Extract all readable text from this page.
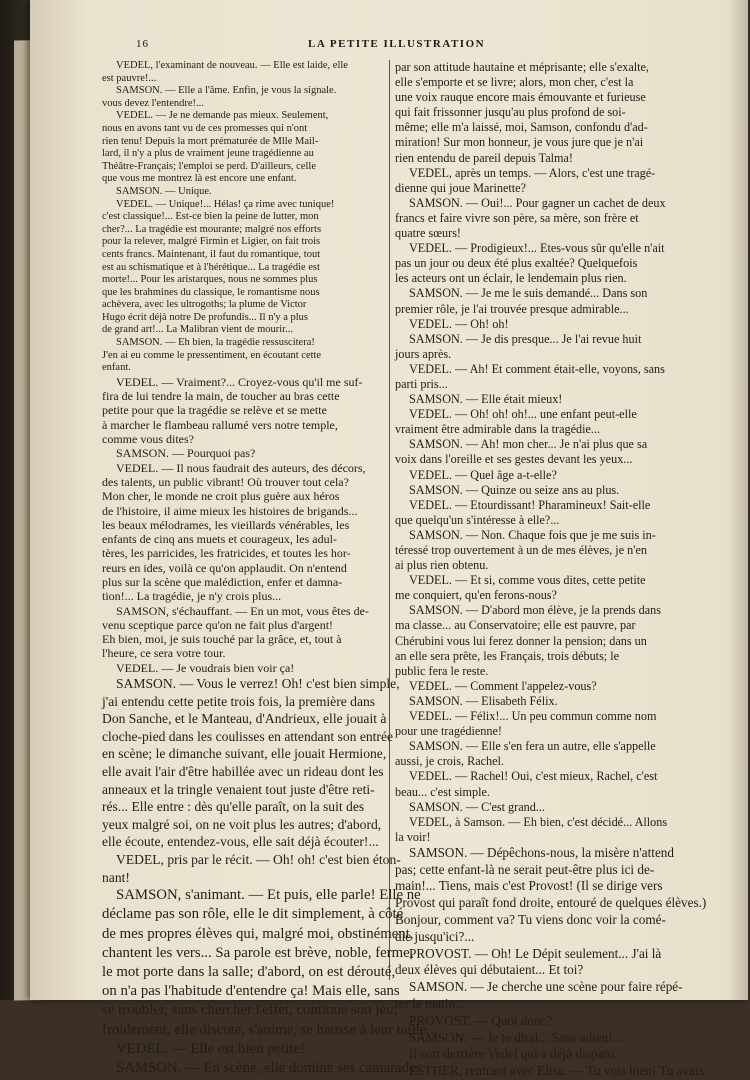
16	LA PETITE ILLUSTRATION
VEDEL, l'examinant de nouveau. — Elle est laide, elle
est pauvre!...
SAMSON. — Elle a l'âme. Enfin, je vous la signale.
vous devez l'entendre!...
VEDEL. — Je ne demande pas mieux. Seulement,
nous en avons tant vu de ces promesses qui n'ont
rien tenu! Depuis la mort prématurée de Mlle Mail-
lard, il n'y a plus de vraiment jeune tragédienne au
Théâtre-Français; l'emploi se perd. D'ailleurs, celle
que vous me montrez là est encore une enfant.
SAMSON. — Unique.
VEDEL. — Unique!... Hélas! ça rime avec tunique!
c'est classique!... Est-ce bien la peine de lutter, mon
cher?... La tragédie est mourante; malgré nos efforts
pour la relever, malgré Firmin et Ligier, on fait trois
cents francs. Maintenant, il faut du romantique, tout
est au schismatique et à l'hérétique... La tragédie est
morte!... Pour les aristarques, nous ne sommes plus
que les brahmines du classique, le romantisme nous
achèvera, avec les ultrogoths; la plume de Victor
Hugo écrit déjà notre De profundis... Il n'y a plus
de grand art!... La Malibran vient de mourir...
SAMSON. — Eh bien, la tragédie ressuscitera!
J'en ai eu comme le pressentiment, en écoutant cette
enfant.
VEDEL. — Vraiment?... Croyez-vous qu'il me suf-
fira de lui tendre la main, de toucher au bras cette
petite pour que la tragédie se relève et se mette
à marcher le flambeau rallumé vers notre temple,
comme vous dites?
SAMSON. — Pourquoi pas?
VEDEL. — Il nous faudrait des auteurs, des décors,
des talents, un public vibrant! Où trouver tout cela?
Mon cher, le monde ne croit plus guère aux héros
de l'histoire, il aime mieux les histoires de brigands...
les beaux mélodrames, les vieillards vénérables, les
enfants de cinq ans muets et courageux, les adul-
tères, les parricides, les fratricides, et toutes les hor-
reurs en ides, voilà ce qu'on applaudit. On n'entend
plus sur la scène que malédiction, enfer et damna-
tion!... La tragédie, je n'y crois plus...
SAMSON, s'échauffant. — En un mot, vous êtes de-
venu sceptique parce qu'on ne fait plus d'argent!
Eh bien, moi, je suis touché par la grâce, et, tout à
l'heure, ce sera votre tour.
VEDEL. — Je voudrais bien voir ça!
SAMSON. — Vous le verrez! Oh! c'est bien simple,
j'ai entendu cette petite trois fois, la première dans
Don Sanche, et le Manteau, d'Andrieux, elle jouait à
cloche-pied dans les coulisses en attendant son entrée
en scène; le dimanche suivant, elle jouait Hermione,
elle avait l'air d'être habillée avec un rideau dont les
anneaux et la tringle venaient tout juste d'être reti-
rés... Elle entre : dès qu'elle paraît, on la suit des
yeux malgré soi, on ne voit plus les autres; d'abord,
elle écoute, entendez-vous, elle sait déjà écouter!...
VEDEL, pris par le récit. — Oh! oh! c'est bien éton-
nant!
SAMSON, s'animant. — Et puis, elle parle! Elle ne
déclame pas son rôle, elle le dit simplement, à côté
de mes propres élèves qui, malgré moi, obstinément,
chantent les vers... Sa parole est brève, noble, ferme,
le mot porte dans la salle; d'abord, on est dérouté,
on n'a pas l'habitude d'entendre ça! Mais elle, sans
se troubler, sans chercher l'effet, continue son jeu;
froidement, elle discute, s'anime, se hausse à leur taille...
VEDEL. — Elle est bien petite!
SAMSON. — En scène, elle domine ses camarades
par son attitude hautaine et méprisante; elle s'exalte,
elle s'emporte et se livre; alors, mon cher, c'est la
une voix rauque encore mais émouvante et furieuse
qui fait frissonner jusqu'au plus profond de soi-
même; elle m'a laissé, moi, Samson, confondu d'ad-
miration! Sur mon honneur, je vous jure que je n'ai
rien entendu de pareil depuis Talma!
VEDEL, après un temps. — Alors, c'est une tragé-
dienne qui joue Marinette?
SAMSON. — Oui!... Pour gagner un cachet de deux
francs et faire vivre son père, sa mère, son frère et
quatre sœurs!
VEDEL. — Prodigieux!... Etes-vous sûr qu'elle n'ait
pas un jour ou deux été plus exaltée? Quelquefois
les acteurs ont un éclair, le lendemain plus rien.
SAMSON. — Je me le suis demandé... Dans son
premier rôle, je l'ai trouvée presque admirable...
VEDEL. — Oh! oh!
SAMSON. — Je dis presque... Je l'ai revue huit
jours après.
VEDEL. — Ah! Et comment était-elle, voyons, sans
parti pris...
SAMSON. — Elle était mieux!
VEDEL. — Oh! oh! oh!... une enfant peut-elle
vraiment être admirable dans la tragédie...
SAMSON. — Ah! mon cher... Je n'ai plus que sa
voix dans l'oreille et ses gestes devant les yeux...
VEDEL. — Quel âge a-t-elle?
SAMSON. — Quinze ou seize ans au plus.
VEDEL. — Etourdissant! Pharamineux! Sait-elle
que quelqu'un s'intéresse à elle?...
SAMSON. — Non. Chaque fois que je me suis in-
téressé trop ouvertement à un de mes élèves, je n'en
ai plus rien obtenu.
VEDEL. — Et si, comme vous dites, cette petite
me conquiert, qu'en ferons-nous?
SAMSON. — D'abord mon élève, je la prends dans
ma classe... au Conservatoire; elle est pauvre, par
Chérubini vous lui ferez donner la pension; dans un
an elle sera prête, les Français, trois débuts; le
public fera le reste.
VEDEL. — Comment l'appelez-vous?
SAMSON. — Elisabeth Félix.
VEDEL. — Félix!... Un peu commun comme nom
pour une tragédienne!
SAMSON. — Elle s'en fera un autre, elle s'appelle
aussi, je crois, Rachel.
VEDEL. — Rachel! Oui, c'est mieux, Rachel, c'est
beau... c'est simple.
SAMSON. — C'est grand...
VEDEL, à Samson. — Eh bien, c'est décidé... Allons
la voir!
SAMSON. — Dépêchons-nous, la misère n'attend
pas; cette enfant-là ne serait peut-être plus ici de-
main!... Tiens, mais c'est Provost! (Il se dirige vers
Provost qui paraît fond droite, entouré de quelques élèves.)
Bonjour, comment va? Tu viens donc voir la comé-
die jusqu'ici?...
PROVOST. — Oh! Le Dépit seulement... J'ai là
deux élèves qui débutaient... Et toi?
SAMSON. — Je cherche une scène pour faire répé-
ter le matin...
PROVOST. — Quoi donc?
SAMSON. — Je te dirai... Sans adieu!...
Il sort derrière Vedel qui a déjà disparu.
ESTHER, rentrant avec Elisa. — Tu vois bien! Tu avais
